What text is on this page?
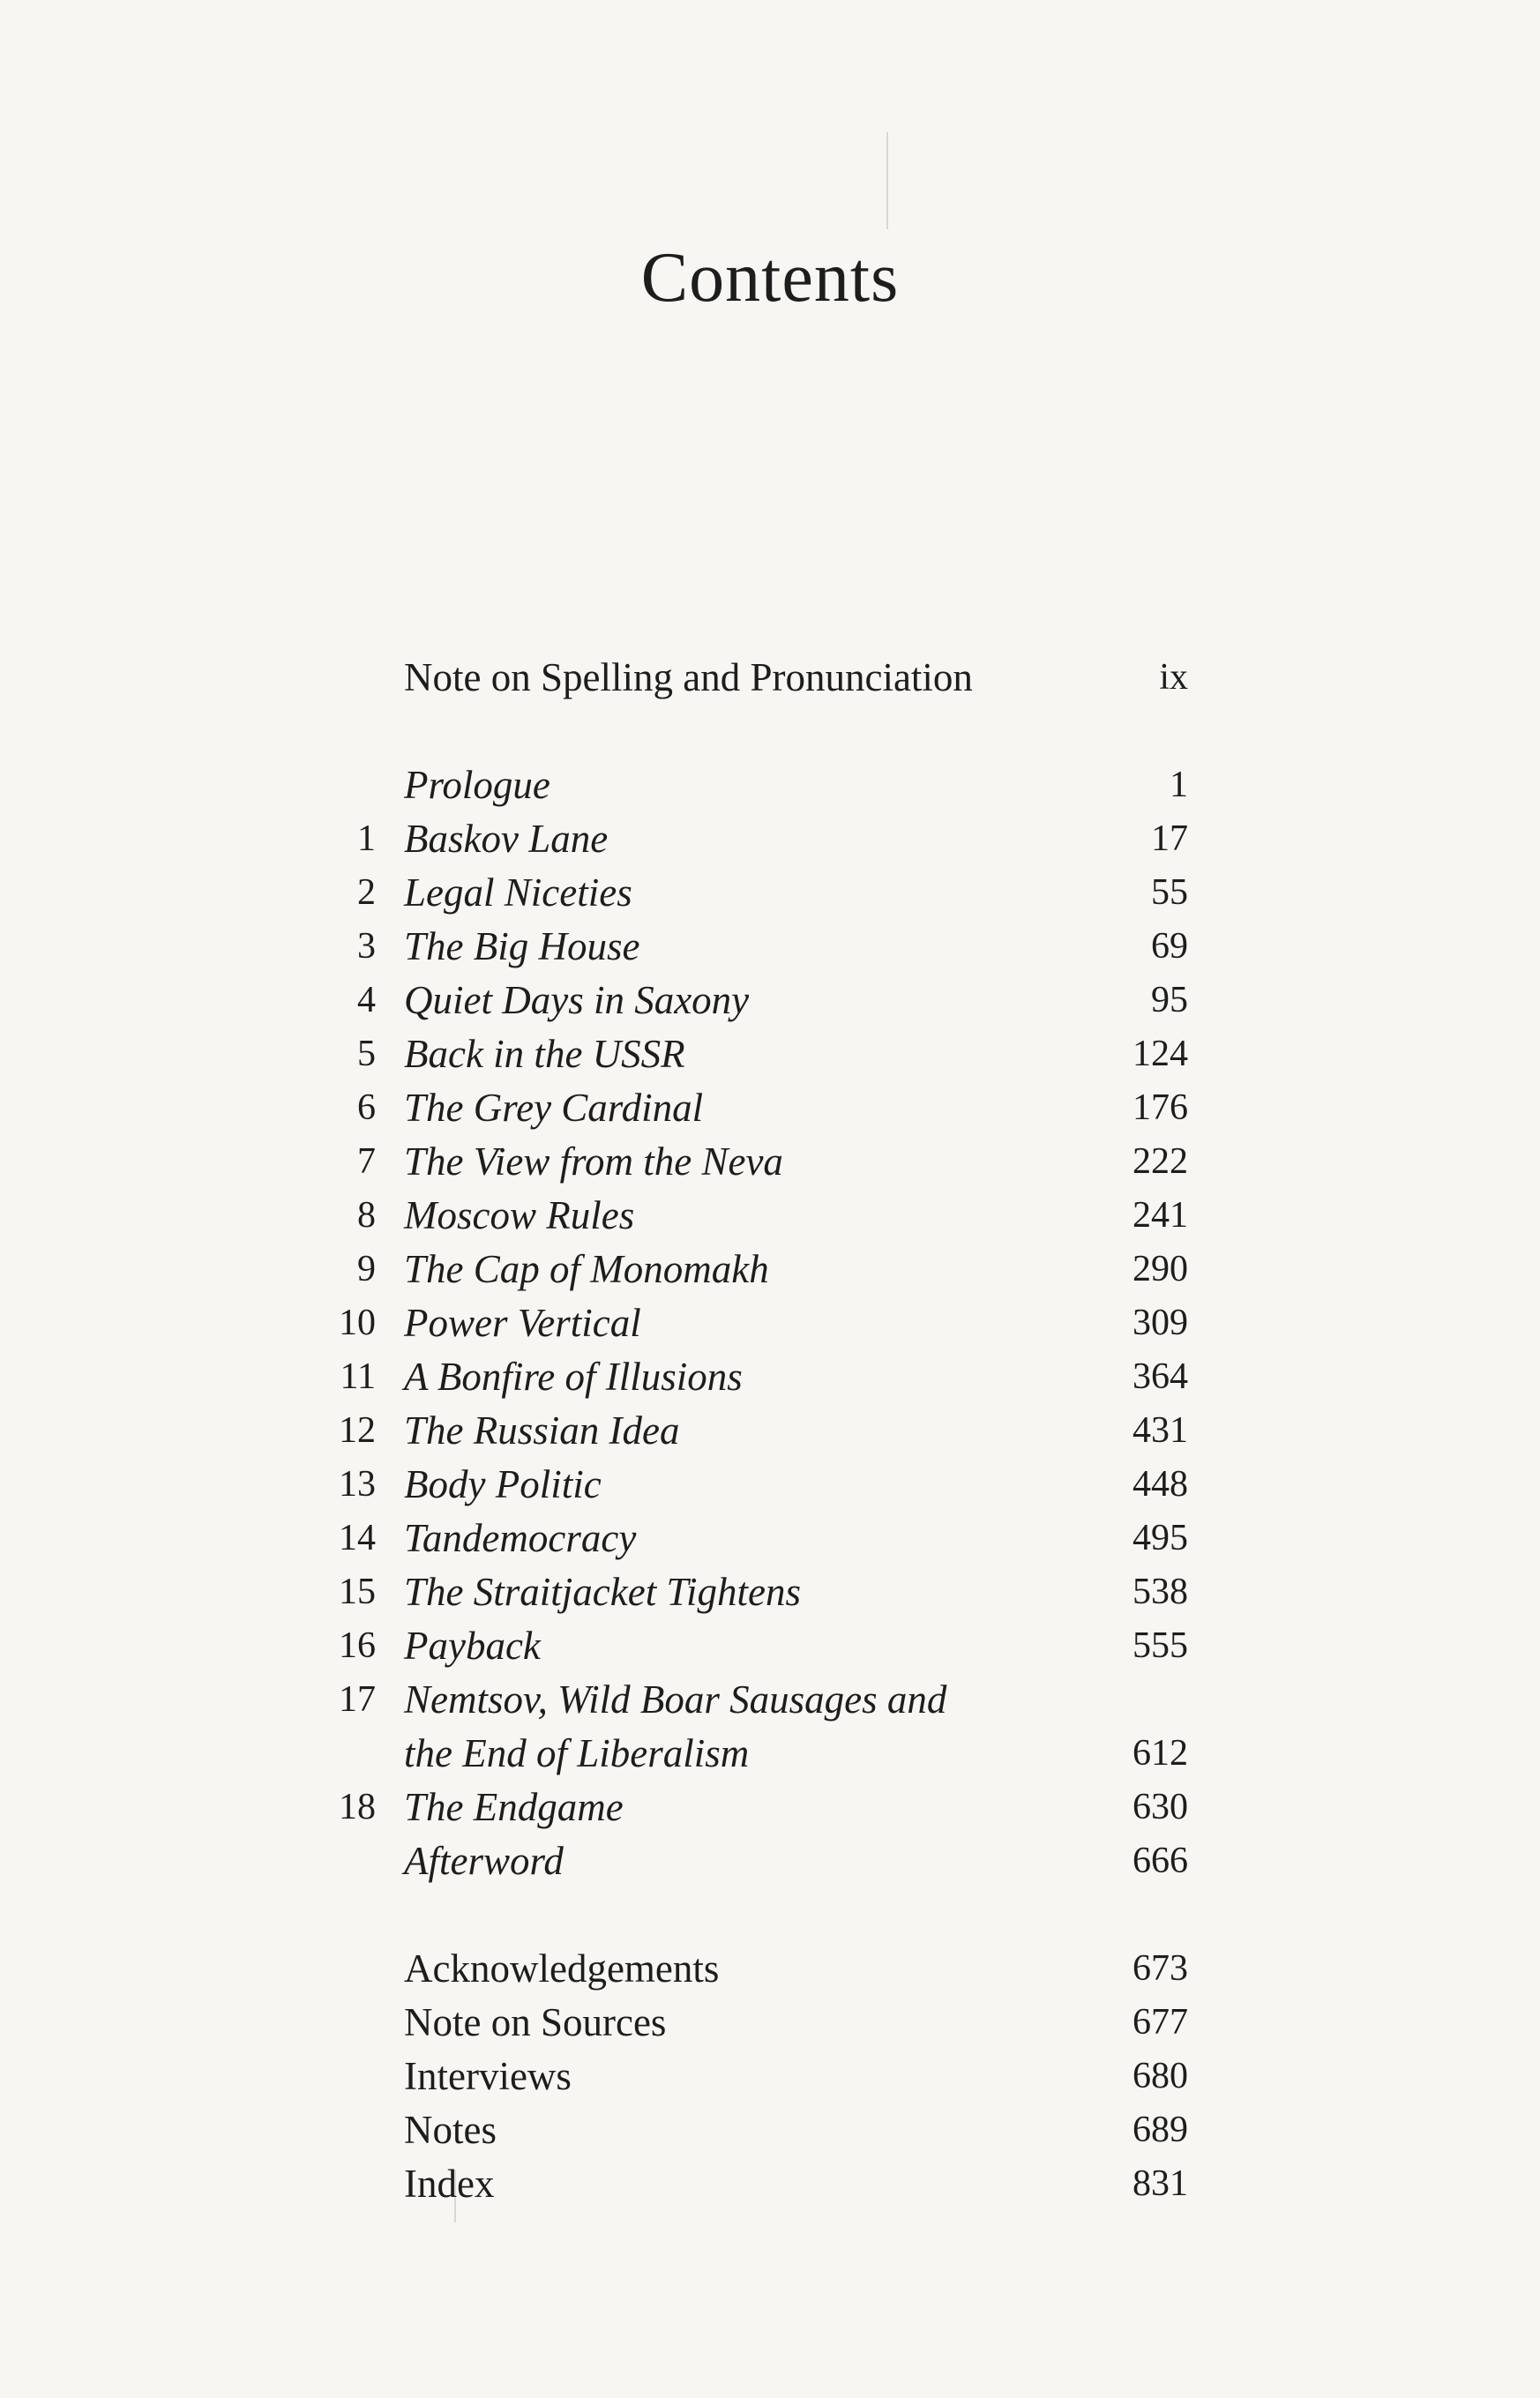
Contents
Note on Spelling and Pronunciation	ix
Prologue	1
1 Baskov Lane	17
2 Legal Niceties	55
3 The Big House	69
4 Quiet Days in Saxony	95
5 Back in the USSR	124
6 The Grey Cardinal	176
7 The View from the Neva	222
8 Moscow Rules	241
9 The Cap of Monomakh	290
10 Power Vertical	309
11 A Bonfire of Illusions	364
12 The Russian Idea	431
13 Body Politic	448
14 Tandemocracy	495
15 The Straitjacket Tightens	538
16 Payback	555
17 Nemtsov, Wild Boar Sausages and
the End of Liberalism	612
18 The Endgame	630
Afterword	666
Acknowledgements	673
Note on Sources	677
Interviews	680
Notes	689
Index	831
